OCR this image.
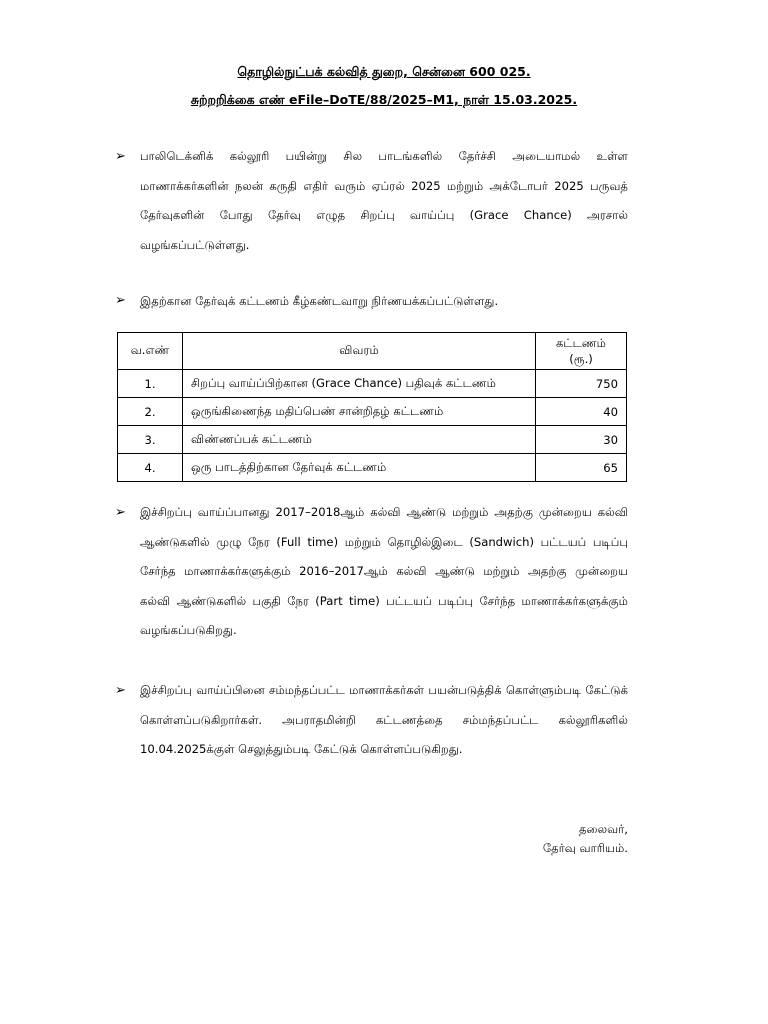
தொழில்நுட்பக் கல்வித் துறை, சென்னை 600 025.
சுற்றறிக்கை எண் eFile–DoTE/88/2025–M1, நாள் 15.03.2025.
➢ பாலிடெக்னிக் கல்லூரி பயின்று சில பாடங்களில் தேர்ச்சி அடையாமல் உள்ள மாணாக்கர்களின் நலன் கருதி எதிர் வரும் ஏப்ரல் 2025 மற்றும் அக்டோபர் 2025 பருவத் தேர்வுகளின் போது தேர்வு எழுத சிறப்பு வாய்ப்பு (Grace Chance) அரசால் வழங்கப்பட்டுள்ளது.
➢ இதற்கான தேர்வுக் கட்டணம் கீழ்கண்டவாறு நிர்ணயக்கப்பட்டுள்ளது.
வ.எண்	விவரம்	கட்டணம்
(ரூ.)

1.	சிறப்பு வாய்ப்பிற்கான (Grace Chance) பதிவுக் கட்டணம்	750
2.	ஒருங்கிணைந்த மதிப்பெண் சான்றிதழ் கட்டணம்	40
3.	விண்ணப்பக் கட்டணம்	30
4.	ஒரு பாடத்திற்கான தேர்வுக் கட்டணம்	65
➢ இச்சிறப்பு வாய்ப்பானது 2017–2018ஆம் கல்வி ஆண்டு மற்றும் அதற்கு முன்றைய கல்வி ஆண்டுகளில் முழு நேர (Full time) மற்றும் தொழில்இடை (Sandwich) பட்டயப் படிப்பு சேர்ந்த மாணாக்கர்களுக்கும் 2016–2017ஆம் கல்வி ஆண்டு மற்றும் அதற்கு முன்றைய கல்வி ஆண்டுகளில் பகுதி நேர (Part time) பட்டயப் படிப்பு சேர்ந்த மாணாக்கர்களுக்கும் வழங்கப்படுகிறது.
➢ இச்சிறப்பு வாய்ப்பினை சம்மந்தப்பட்ட மாணாக்கர்கள் பயன்படுத்திக் கொள்ளும்படி கேட்டுக் கொள்ளப்படுகிறார்கள். அபராதமின்றி கட்டணத்தை சம்மந்தப்பட்ட கல்லூரிகளில் 10.04.2025க்குள் செலுத்தும்படி கேட்டுக் கொள்ளப்படுகிறது.
தலைவர்,
தேர்வு வாரியம்.
